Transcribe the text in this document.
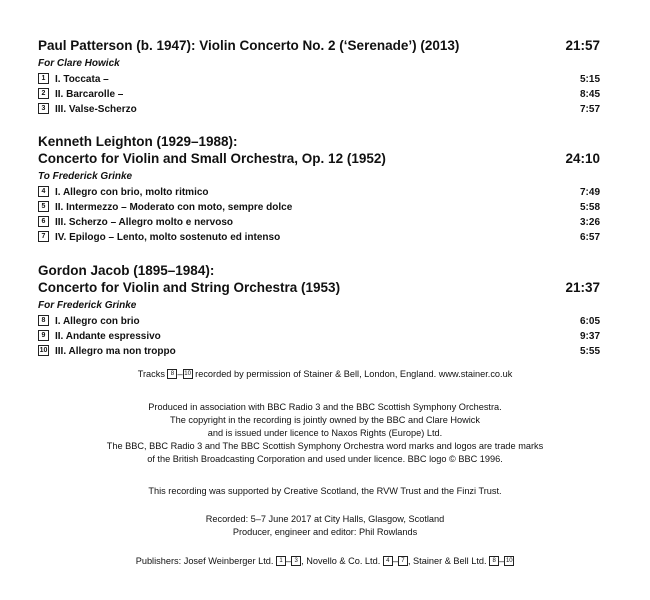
Paul Patterson (b. 1947): Violin Concerto No. 2 (‘Serenade’) (2013)	21:57
For Clare Howick
1 I. Toccata –	5:15
2 II. Barcarolle –	8:45
3 III. Valse-Scherzo	7:57
Kenneth Leighton (1929–1988):
Concerto for Violin and Small Orchestra, Op. 12 (1952)	24:10
To Frederick Grinke
4 I. Allegro con brio, molto ritmico	7:49
5 II. Intermezzo – Moderato con moto, sempre dolce	5:58
6 III. Scherzo – Allegro molto e nervoso	3:26
7 IV. Epilogo – Lento, molto sostenuto ed intenso	6:57
Gordon Jacob (1895–1984):
Concerto for Violin and String Orchestra (1953)	21:37
For Frederick Grinke
8 I. Allegro con brio	6:05
9 II. Andante espressivo	9:37
10 III. Allegro ma non troppo	5:55

Tracks 8 – 10 recorded by permission of Stainer & Bell, London, England. www.stainer.co.uk

Produced in association with BBC Radio 3 and the BBC Scottish Symphony Orchestra.

The copyright in the recording is jointly owned by the BBC and Clare Howick

and is issued under licence to Naxos Rights (Europe) Ltd.

The BBC, BBC Radio 3 and The BBC Scottish Symphony Orchestra word marks and logos are trade marks

of the British Broadcasting Corporation and used under licence. BBC logo © BBC 1996.

This recording was supported by Creative Scotland, the RVW Trust and the Finzi Trust.

Recorded: 5–7 June 2017 at City Halls, Glasgow, Scotland

Producer, engineer and editor: Phil Rowlands

Publishers: Josef Weinberger Ltd. 1 – 3 , Novello & Co. Ltd. 4 – 7 , Stainer & Bell Ltd. 8 – 10
